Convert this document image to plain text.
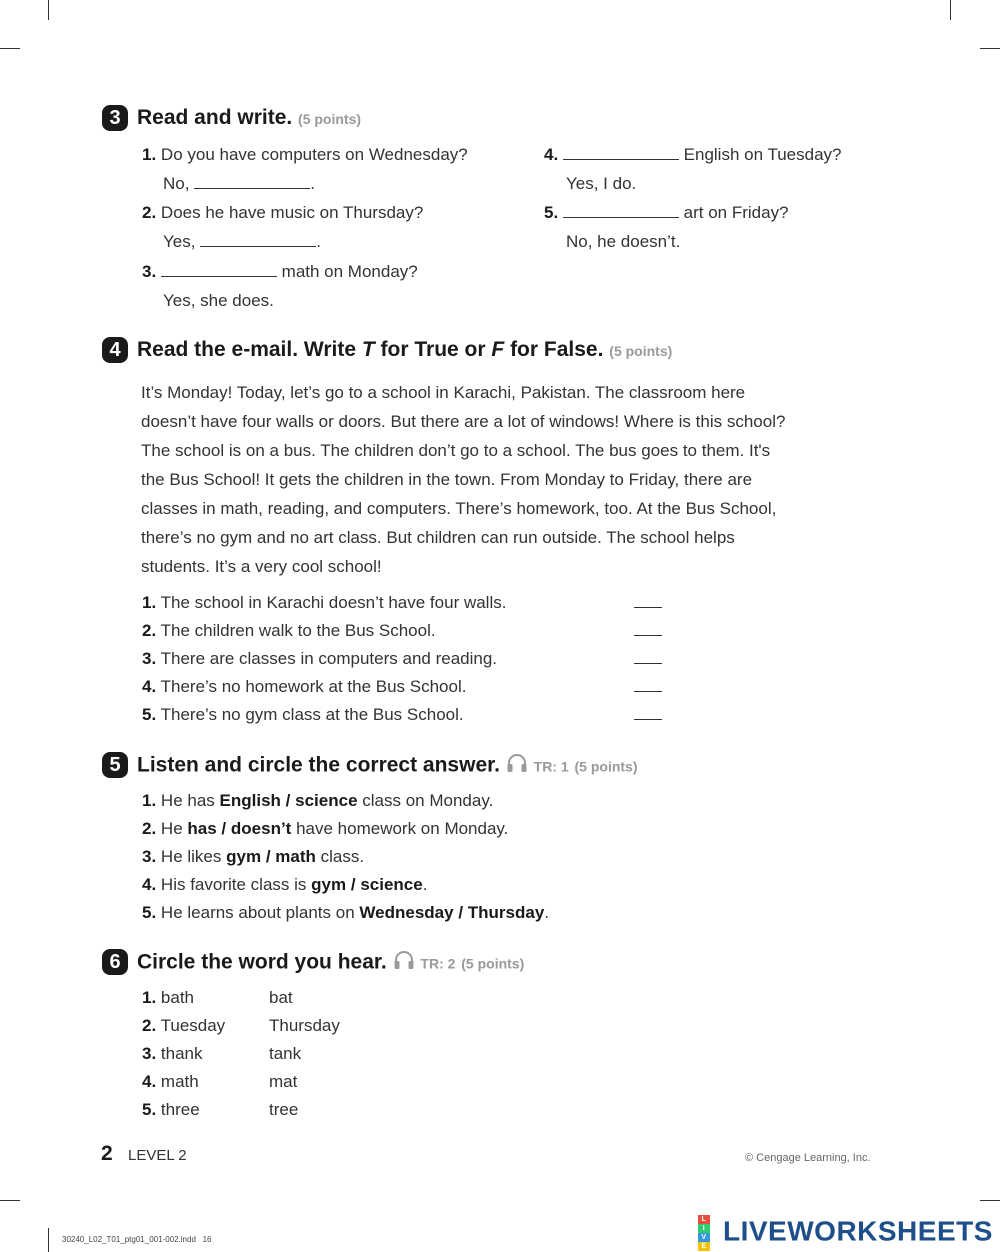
3 Read and write. (5 points)
1. Do you have computers on Wednesday?
No,	.
2. Does he have music on Thursday?
Yes,	.
3.	math on Monday?
Yes, she does.
4.	English on Tuesday?
Yes, I do.
5.	art on Friday?
No, he doesn’t.
4 Read the e-mail. Write T for True or F for False. (5 points)
It’s Monday! Today, let’s go to a school in Karachi, Pakistan. The classroom here
doesn’t have four walls or doors. But there are a lot of windows! Where is this school?
The school is on a bus. The children don’t go to a school. The bus goes to them. It's
the Bus School! It gets the children in the town. From Monday to Friday, there are
classes in math, reading, and computers. There’s homework, too. At the Bus School,
there’s no gym and no art class. But children can run outside. The school helps
students. It’s a very cool school!
1. The school in Karachi doesn’t have four walls.
2. The children walk to the Bus School.
3. There are classes in computers and reading.
4. There’s no homework at the Bus School.
5. There’s no gym class at the Bus School.
5 Listen and circle the correct answer. TR: 1 (5 points)
1. He has English / science class on Monday.
2. He has / doesn’t have homework on Monday.
3. He likes gym / math class.
4. His favorite class is gym / science.
5. He learns about plants on Wednesday / Thursday.
6 Circle the word you hear. TR: 2 (5 points)
1. bath	bat
2. Tuesday	Thursday
3. thank	tank
4. math	mat
5. three	tree
2 LEVEL 2	© Cengage Learning, Inc.
30240_L02_T01_ptg01_001-002.indd   16
L
I
V
E
LIVEWORKSHEETS
